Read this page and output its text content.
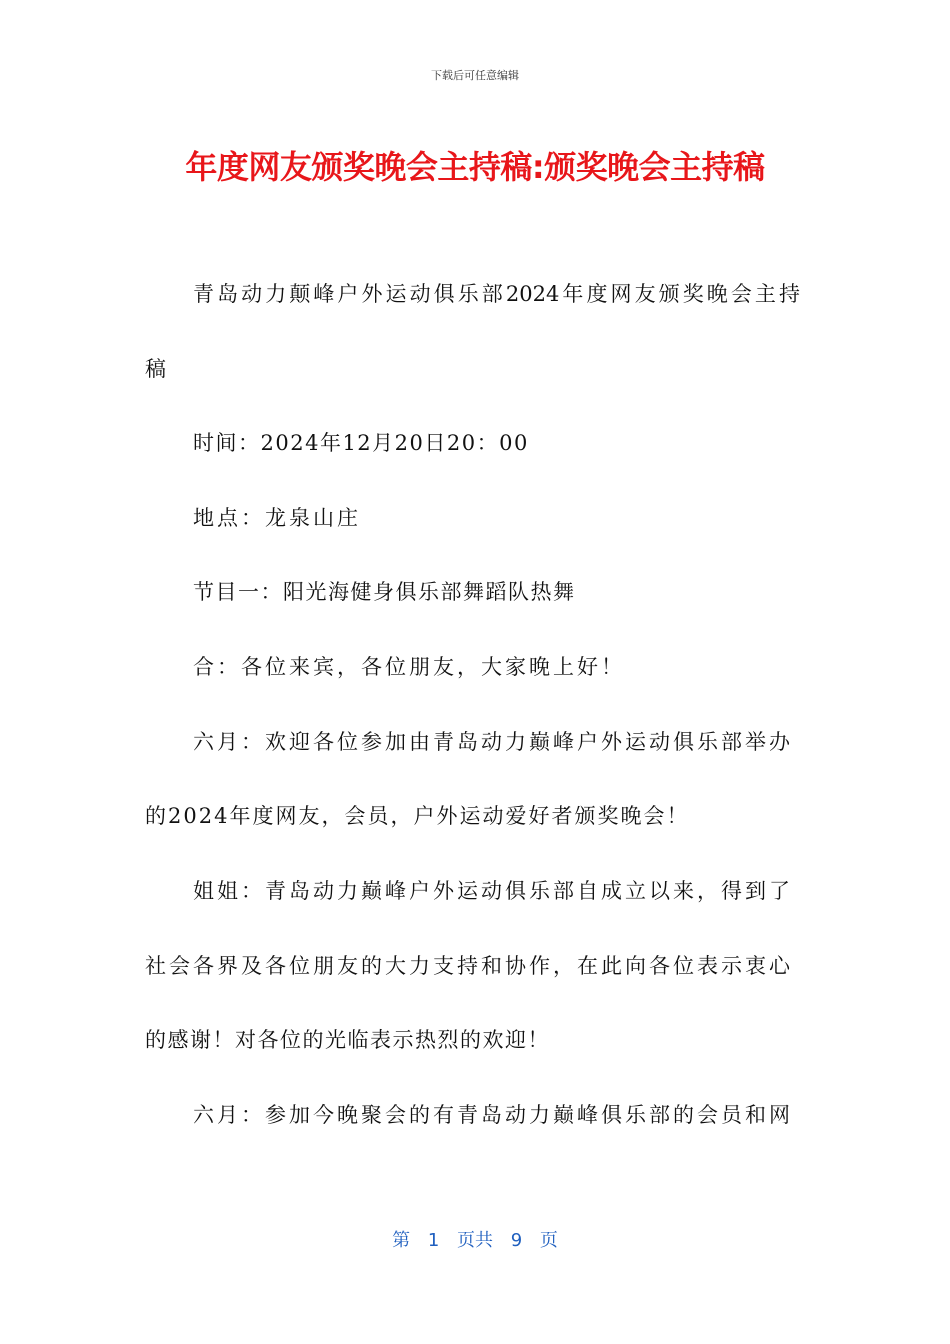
下载后可任意编辑
年度网友颁奖晚会主持稿:颁奖晚会主持稿
青岛动力颠峰户外运动俱乐部2024年度网友颁奖晚会主持
稿
时间：2024年12月20日20：00
地点：龙泉山庄
节目一：阳光海健身俱乐部舞蹈队热舞
合：各位来宾，各位朋友，大家晚上好！
六月：欢迎各位参加由青岛动力巅峰户外运动俱乐部举办
的2024年度网友，会员，户外运动爱好者颁奖晚会！
姐姐：青岛动力巅峰户外运动俱乐部自成立以来，得到了
社会各界及各位朋友的大力支持和协作，在此向各位表示衷心
的感谢！对各位的光临表示热烈的欢迎！
六月：参加今晚聚会的有青岛动力巅峰俱乐部的会员和网
第 1 页共 9 页
